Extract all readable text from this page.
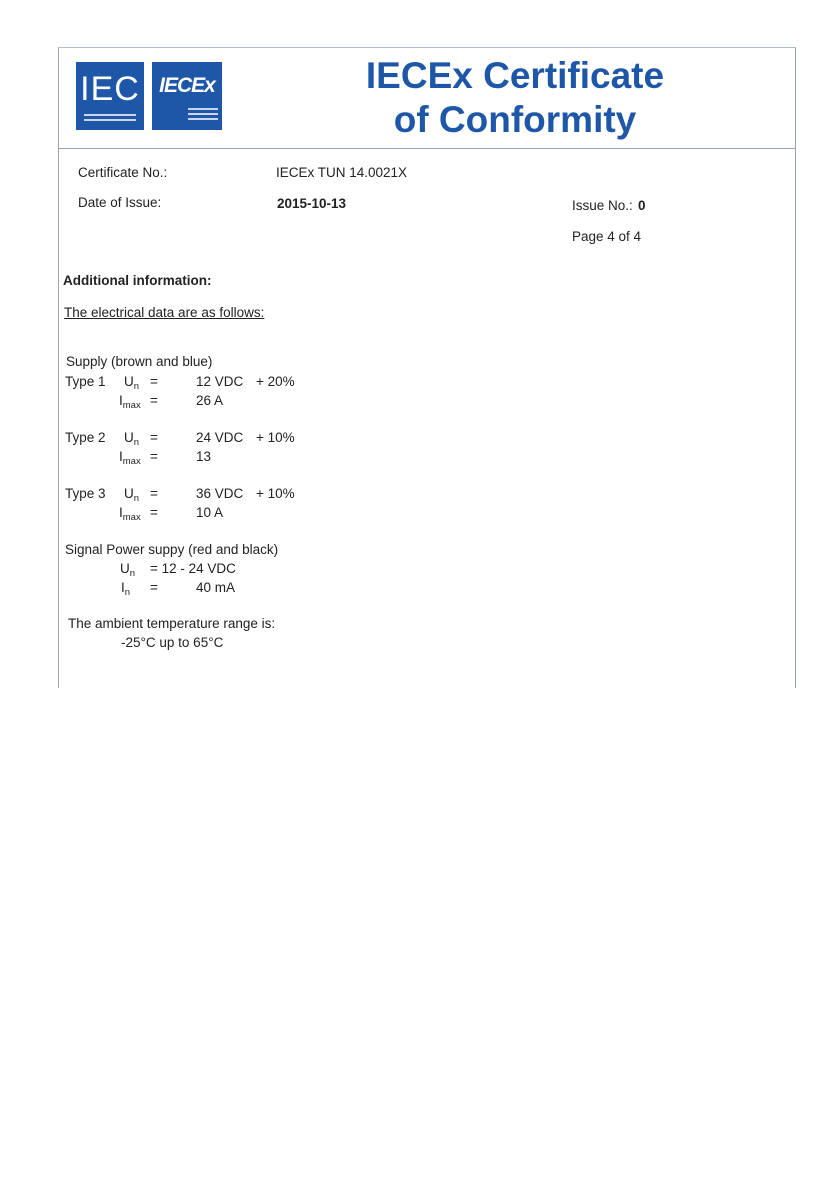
IEC IECEx	IECEx Certificate
of Conformity
Certificate No.:	IECEx TUN 14.0021X
Date of Issue:	2015-10-13	Issue No.: 0
Page 4 of 4
Additional information:
The electrical data are as follows:
Supply (brown and blue)
Type 1 $U_n$ =	12 VDC + 20%
$I_{max}$ =	26 A
Type 2 $U_n$ =	24 VDC + 10%
$I_{max}$ =	13
Type 3 $U_n$ =	36 VDC + 10%
$I_{max}$ =	10 A
Signal Power suppy (red and black)
$U_n = 12 - 24$ VDC
$I_n$ =	40 mA
The ambient temperature range is:
-25°C up to 65°C
